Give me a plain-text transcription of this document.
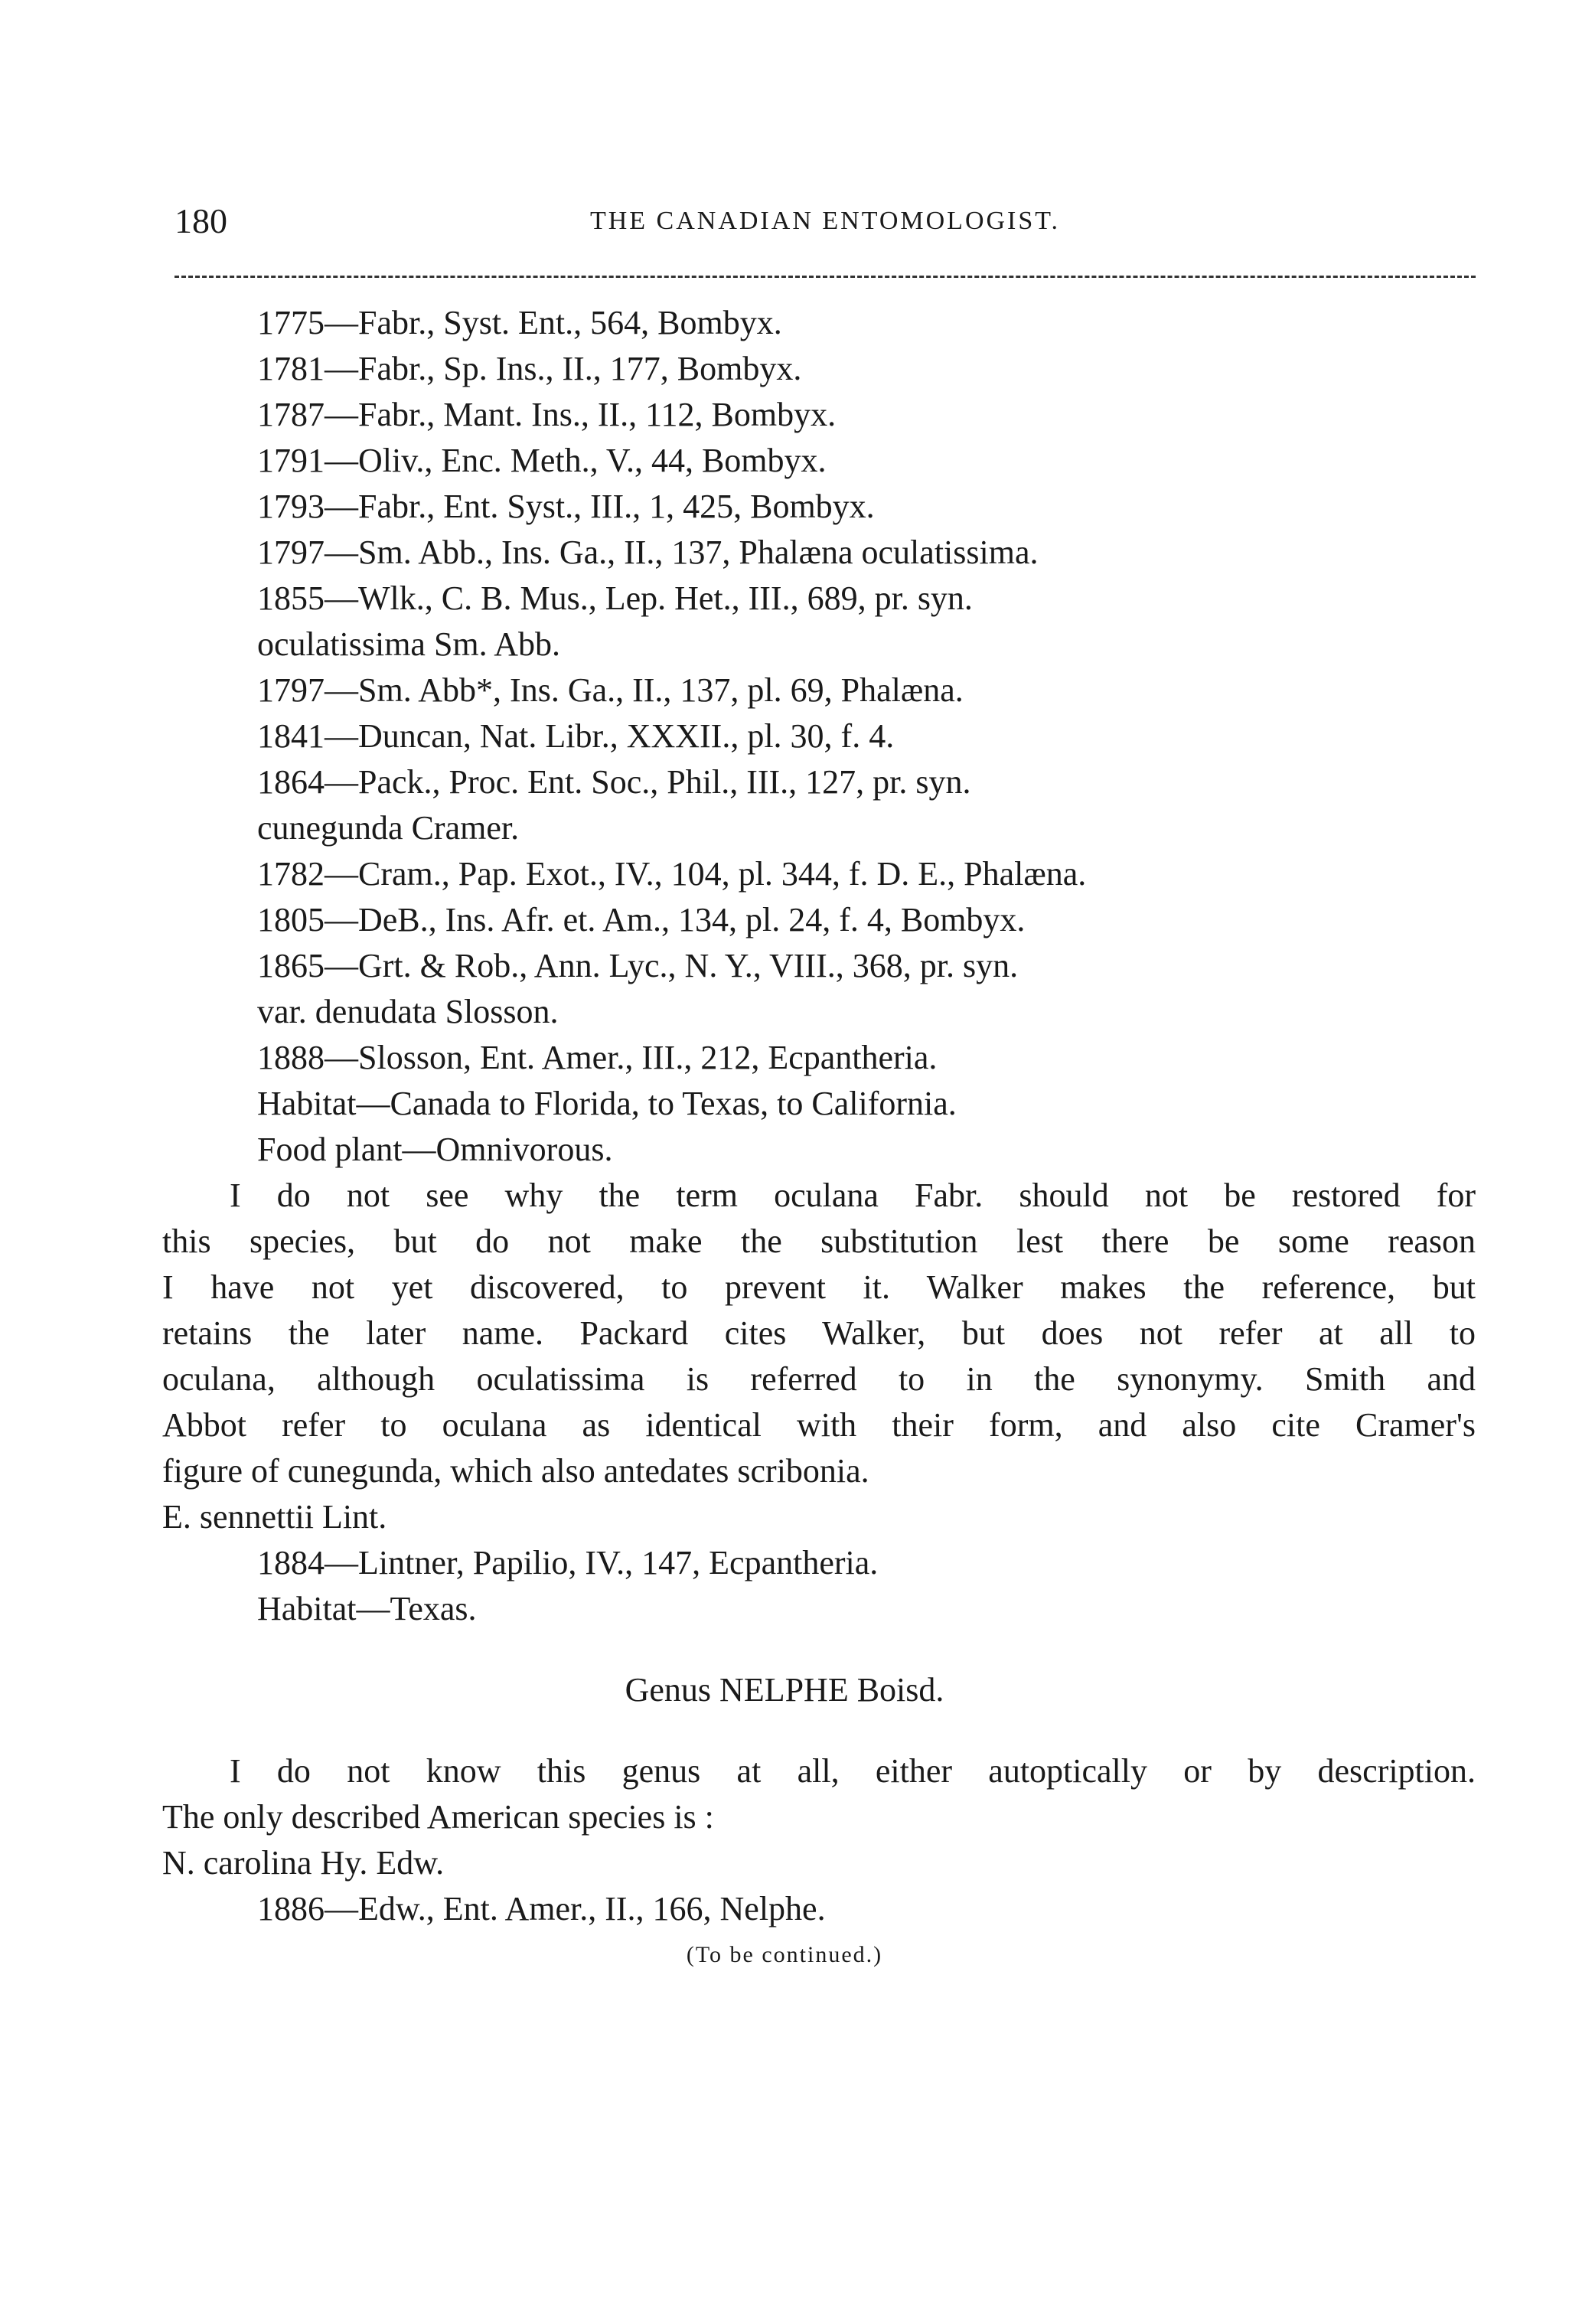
180	THE CANADIAN ENTOMOLOGIST.
1775—Fabr., Syst. Ent., 564, Bombyx.
1781—Fabr., Sp. Ins., II., 177, Bombyx.
1787—Fabr., Mant. Ins., II., 112, Bombyx.
1791—Oliv., Enc. Meth., V., 44, Bombyx.
1793—Fabr., Ent. Syst., III., 1, 425, Bombyx.
1797—Sm. Abb., Ins. Ga., II., 137, Phalæna oculatissima.
1855—Wlk., C. B. Mus., Lep. Het., III., 689, pr. syn.
oculatissima Sm. Abb.
1797—Sm. Abb*, Ins. Ga., II., 137, pl. 69, Phalæna.
1841—Duncan, Nat. Libr., XXXII., pl. 30, f. 4.
1864—Pack., Proc. Ent. Soc., Phil., III., 127, pr. syn.
cunegunda Cramer.
1782—Cram., Pap. Exot., IV., 104, pl. 344, f. D. E., Phalæna.
1805—DeB., Ins. Afr. et. Am., 134, pl. 24, f. 4, Bombyx.
1865—Grt. & Rob., Ann. Lyc., N. Y., VIII., 368, pr. syn.
var. denudata Slosson.
1888—Slosson, Ent. Amer., III., 212, Ecpantheria.
Habitat—Canada to Florida, to Texas, to California.
Food plant—Omnivorous.
I do not see why the term oculana Fabr. should not be restored for
this species, but do not make the substitution lest there be some reason
I have not yet discovered, to prevent it. Walker makes the reference, but
retains the later name. Packard cites Walker, but does not refer at all to
oculana, although oculatissima is referred to in the synonymy. Smith and
Abbot refer to oculana as identical with their form, and also cite Cramer's
figure of cunegunda, which also antedates scribonia.
E. sennettii Lint.
1884—Lintner, Papilio, IV., 147, Ecpantheria.
Habitat—Texas.
Genus NELPHE Boisd.
I do not know this genus at all, either autoptically or by description.
The only described American species is :
N. carolina Hy. Edw.
1886—Edw., Ent. Amer., II., 166, Nelphe.
(To be continued.)
